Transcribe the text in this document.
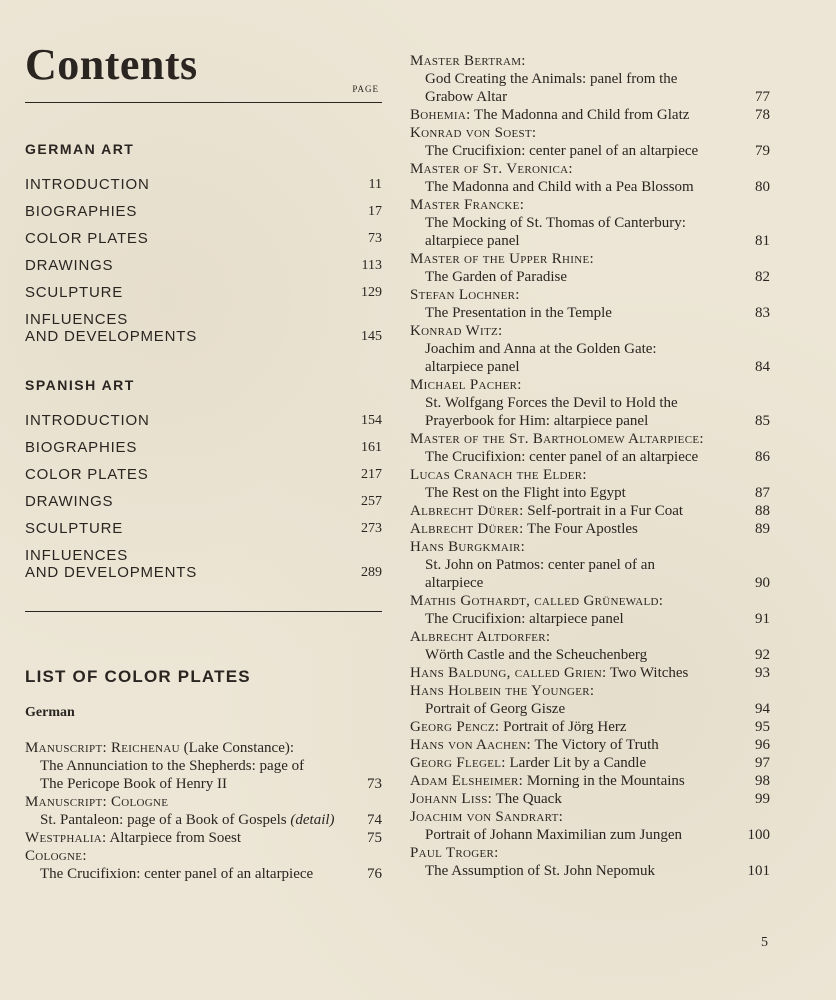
Contents	PAGE
GERMAN ART
INTRODUCTION	11
BIOGRAPHIES	17
COLOR PLATES	73
DRAWINGS	113
SCULPTURE	129
INFLUENCES
AND DEVELOPMENTS	145
SPANISH ART
INTRODUCTION	154
BIOGRAPHIES	161
COLOR PLATES	217
DRAWINGS	257
SCULPTURE	273
INFLUENCES
AND DEVELOPMENTS	289
LIST OF COLOR PLATES
German
Manuscript: Reichenau (Lake Constance):
The Annunciation to the Shepherds: page of
The Pericope Book of Henry II	73
Manuscript: Cologne
St. Pantaleon: page of a Book of Gospels (detail) 74
Westphalia: Altarpiece from Soest	75
Cologne:
The Crucifixion: center panel of an altarpiece	76
Master Bertram:
God Creating the Animals: panel from the
Grabow Altar	77
Bohemia: The Madonna and Child from Glatz	78
Konrad von Soest:
The Crucifixion: center panel of an altarpiece	79
Master of St. Veronica:
The Madonna and Child with a Pea Blossom	80
Master Francke:
The Mocking of St. Thomas of Canterbury:
altarpiece panel	81
Master of the Upper Rhine:
The Garden of Paradise	82
Stefan Lochner:
The Presentation in the Temple	83
Konrad Witz:
Joachim and Anna at the Golden Gate:
altarpiece panel	84
Michael Pacher:
St. Wolfgang Forces the Devil to Hold the
Prayerbook for Him: altarpiece panel	85
Master of the St. Bartholomew Altarpiece:
The Crucifixion: center panel of an altarpiece	86
Lucas Cranach the Elder:
The Rest on the Flight into Egypt	87
Albrecht Dürer: Self-portrait in a Fur Coat	88
Albrecht Dürer: The Four Apostles	89
Hans Burgkmair:
St. John on Patmos: center panel of an
altarpiece	90
Mathis Gothardt, called Grünewald:
The Crucifixion: altarpiece panel	91
Albrecht Altdorfer:
Wörth Castle and the Scheuchenberg	92
Hans Baldung, called Grien: Two Witches	93
Hans Holbein the Younger:
Portrait of Georg Gisze	94
Georg Pencz: Portrait of Jörg Herz	95
Hans von Aachen: The Victory of Truth	96
Georg Flegel: Larder Lit by a Candle	97
Adam Elsheimer: Morning in the Mountains	98
Johann Liss: The Quack	99
Joachim von Sandrart:
Portrait of Johann Maximilian zum Jungen	100
Paul Troger:
The Assumption of St. John Nepomuk	101
5
